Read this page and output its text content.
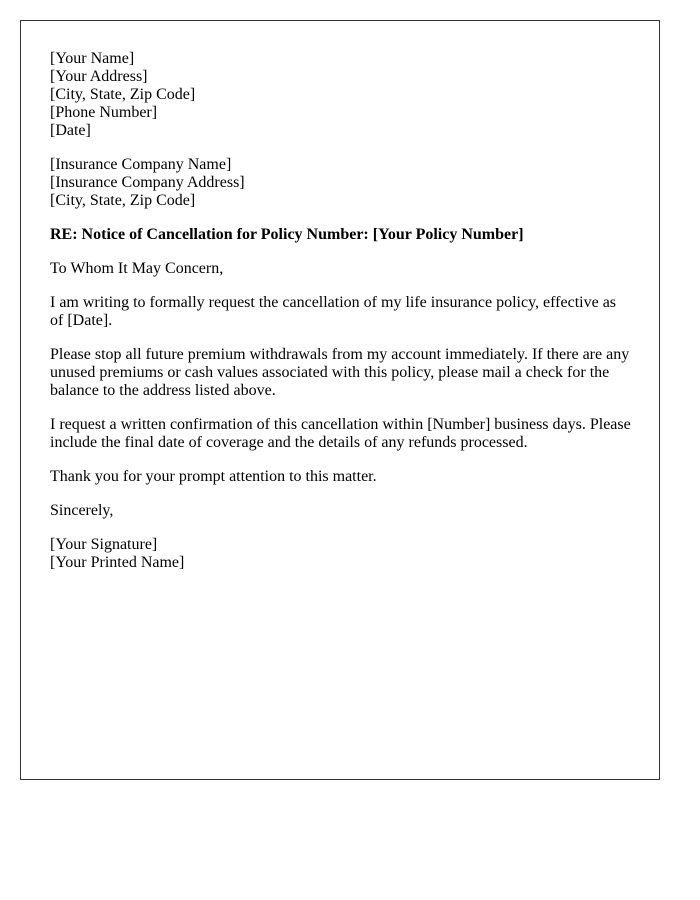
[Your Name]
[Your Address]
[City, State, Zip Code]
[Phone Number]
[Date]
[Insurance Company Name]
[Insurance Company Address]
[City, State, Zip Code]

RE: Notice of Cancellation for Policy Number: [Your Policy Number]

To Whom It May Concern,

I am writing to formally request the cancellation of my life insurance policy, effective as of [Date].

Please stop all future premium withdrawals from my account immediately. If there are any unused premiums or cash values associated with this policy, please mail a check for the balance to the address listed above.

I request a written confirmation of this cancellation within [Number] business days. Please include the final date of coverage and the details of any refunds processed.

Thank you for your prompt attention to this matter.

Sincerely,

[Your Signature]
[Your Printed Name]
